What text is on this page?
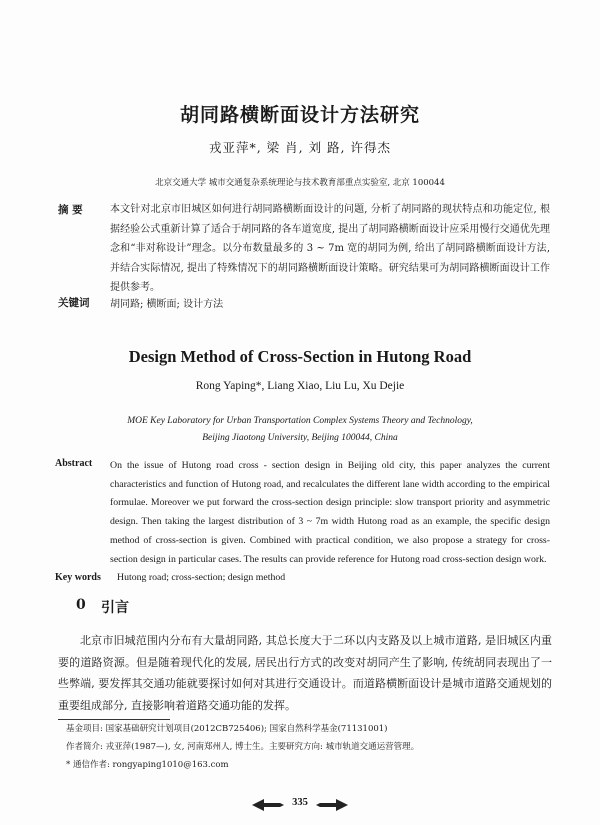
胡同路横断面设计方法研究
戎亚萍*, 梁 肖, 刘 路, 许得杰
北京交通大学 城市交通复杂系统理论与技术教育部重点实验室, 北京 100044
摘 要	本文针对北京市旧城区如何进行胡同路横断面设计的问题, 分析了胡同路的现状特点和功能定位, 根据经验公式重新计算了适合于胡同路的各车道宽度, 提出了胡同路横断面设计应采用慢行交通优先理念和“非对称设计”理念。以分布数量最多的 3 ~ 7m 宽的胡同为例, 给出了胡同路横断面设计方法, 并结合实际情况, 提出了特殊情况下的胡同路横断面设计策略。研究结果可为胡同路横断面设计工作提供参考。
关键词 胡同路; 横断面; 设计方法
Design Method of Cross-Section in Hutong Road
Rong Yaping*, Liang Xiao, Liu Lu, Xu Dejie
MOE Key Laboratory for Urban Transportation Complex Systems Theory and Technology,
Beijing Jiaotong University, Beijing 100044, China
Abstract On the issue of Hutong road cross - section design in Beijing old city, this paper analyzes the current characteristics and function of Hutong road, and recalculates the different lane width according to the empirical formulae. Moreover we put forward the cross-section design principle: slow transport priority and asymmetric design. Then taking the largest distribution of 3 ~ 7m width Hutong road as an example, the specific design method of cross-section is given. Combined with practical condition, we also propose a strategy for cross-section design in particular cases. The results can provide reference for Hutong road cross-section design work.
Key words Hutong road; cross-section; design method
0 引言
北京市旧城范围内分布有大量胡同路, 其总长度大于二环以内支路及以上城市道路, 是旧城区内重要的道路资源。但是随着现代化的发展, 居民出行方式的改变对胡同产生了影响, 传统胡同表现出了一些弊端, 要发挥其交通功能就要探讨如何对其进行交通设计。而道路横断面设计是城市道路交通规划的重要组成部分, 直接影响着道路交通功能的发挥。
基金项目: 国家基础研究计划项目(2012CB725406); 国家自然科学基金(71131001)
作者简介: 戎亚萍(1987—), 女, 河南郑州人, 博士生。主要研究方向: 城市轨道交通运营管理。
* 通信作者: rongyaping1010@163.com
335
